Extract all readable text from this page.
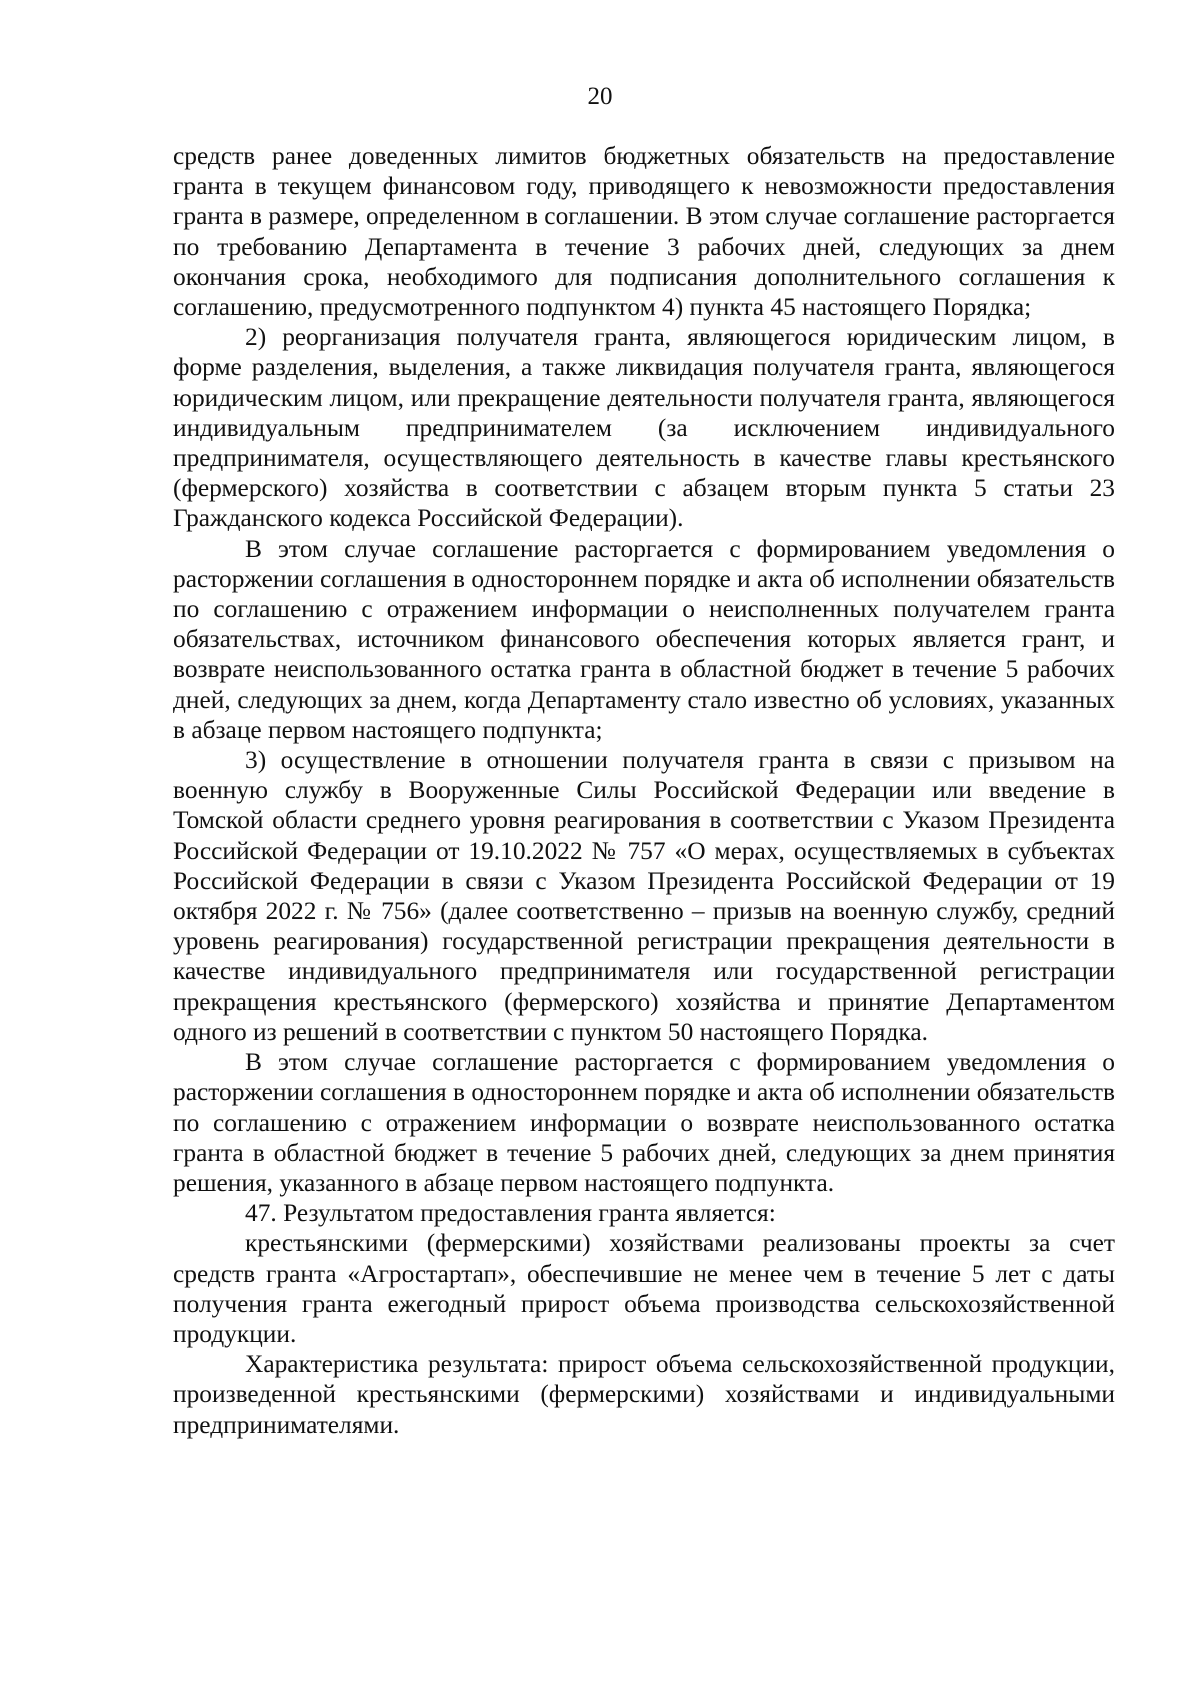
20

средств ранее доведенных лимитов бюджетных обязательств на предоставление гранта в текущем финансовом году, приводящего к невозможности предоставления гранта в размере, определенном в соглашении. В этом случае соглашение расторгается по требованию Департамента в течение 3 рабочих дней, следующих за днем окончания срока, необходимого для подписания дополнительного соглашения к соглашению, предусмотренного подпунктом 4) пункта 45 настоящего Порядка;

2) реорганизация получателя гранта, являющегося юридическим лицом, в форме разделения, выделения, а также ликвидация получателя гранта, являющегося юридическим лицом, или прекращение деятельности получателя гранта, являющегося индивидуальным предпринимателем (за исключением индивидуального предпринимателя, осуществляющего деятельность в качестве главы крестьянского (фермерского) хозяйства в соответствии с абзацем вторым пункта 5 статьи 23 Гражданского кодекса Российской Федерации).

В этом случае соглашение расторгается с формированием уведомления о расторжении соглашения в одностороннем порядке и акта об исполнении обязательств по соглашению с отражением информации о неисполненных получателем гранта обязательствах, источником финансового обеспечения которых является грант, и возврате неиспользованного остатка гранта в областной бюджет в течение 5 рабочих дней, следующих за днем, когда Департаменту стало известно об условиях, указанных в абзаце первом настоящего подпункта;

3) осуществление в отношении получателя гранта в связи с призывом на военную службу в Вооруженные Силы Российской Федерации или введение в Томской области среднего уровня реагирования в соответствии с Указом Президента Российской Федерации от 19.10.2022 № 757 «О мерах, осуществляемых в субъектах Российской Федерации в связи с Указом Президента Российской Федерации от 19 октября 2022 г. № 756» (далее соответственно – призыв на военную службу, средний уровень реагирования) государственной регистрации прекращения деятельности в качестве индивидуального предпринимателя или государственной регистрации прекращения крестьянского (фермерского) хозяйства и принятие Департаментом одного из решений в соответствии с пунктом 50 настоящего Порядка.

В этом случае соглашение расторгается с формированием уведомления о расторжении соглашения в одностороннем порядке и акта об исполнении обязательств по соглашению с отражением информации о возврате неиспользованного остатка гранта в областной бюджет в течение 5 рабочих дней, следующих за днем принятия решения, указанного в абзаце первом настоящего подпункта.

47. Результатом предоставления гранта является:

крестьянскими (фермерскими) хозяйствами реализованы проекты за счет средств гранта «Агростартап», обеспечившие не менее чем в течение 5 лет с даты получения гранта ежегодный прирост объема производства сельскохозяйственной продукции.

Характеристика результата: прирост объема сельскохозяйственной продукции, произведенной крестьянскими (фермерскими) хозяйствами и индивидуальными предпринимателями.
